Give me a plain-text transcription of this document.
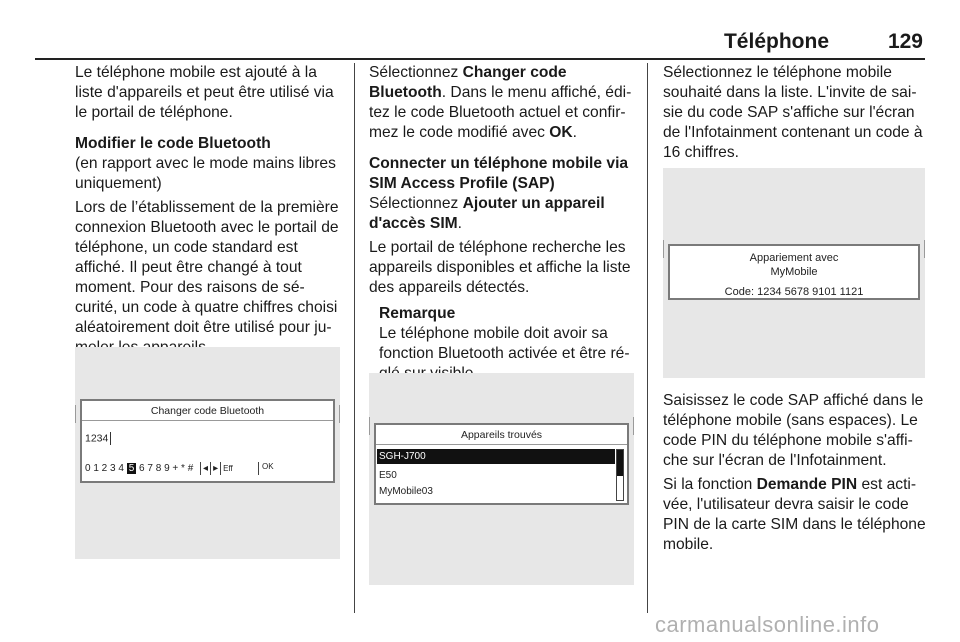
Téléphone	129

Le téléphone mobile est ajouté à la liste d'appareils et peut être utilisé via le portail de téléphone.

Modifier le code Bluetooth

(en rapport avec le mode mains libres uniquement)

Lors de l’établissement de la première connexion Bluetooth avec le portail de téléphone, un code standard est affiché. Il peut être changé à tout moment. Pour des raisons de sécurité, un code à quatre chiffres choisi aléatoirement doit être utilisé pour ju

Changer code Bluetooth
1234
0 1 2 3 4 5 6 7 8 9 + * # ◂ ▸ Eff	OK

Sélectionnez Changer code Bluetooth. Dans le menu affiché, éditez le code Bluetooth actuel et confirmez le code modifié avec OK.

Connecter un téléphone mobile via SIM Access Profile (SAP)

Sélectionnez Ajouter un appareil d'accès SIM.

Le portail de téléphone recherche les appareils disponibles et affiche la liste des appareils détectés.

Remarque

Le téléphone mobile doit avoir sa fonction Bluetooth activée et être ré

Appareils trouvés
SGH-J700
E50
MyMobile03

Sélectionnez le téléphone mobile souhaité dans la liste. L'invite de saisie du code SAP s'affiche sur l'écran de l'Infotainment contenant un code à 16 chiffres.

Appariement avec
MyMobile
Code: 1234 5678 9101 1121

Saisissez le code SAP affiché dans le téléphone mobile (sans espaces). Le code PIN du téléphone mobile s'affiche sur l'écran de l'Infotainment.

Si la fonction Demande PIN est activée, l'utilisateur devra saisir le code PIN de la carte SIM dans le téléphone mobile.

carmanualsonline.info
